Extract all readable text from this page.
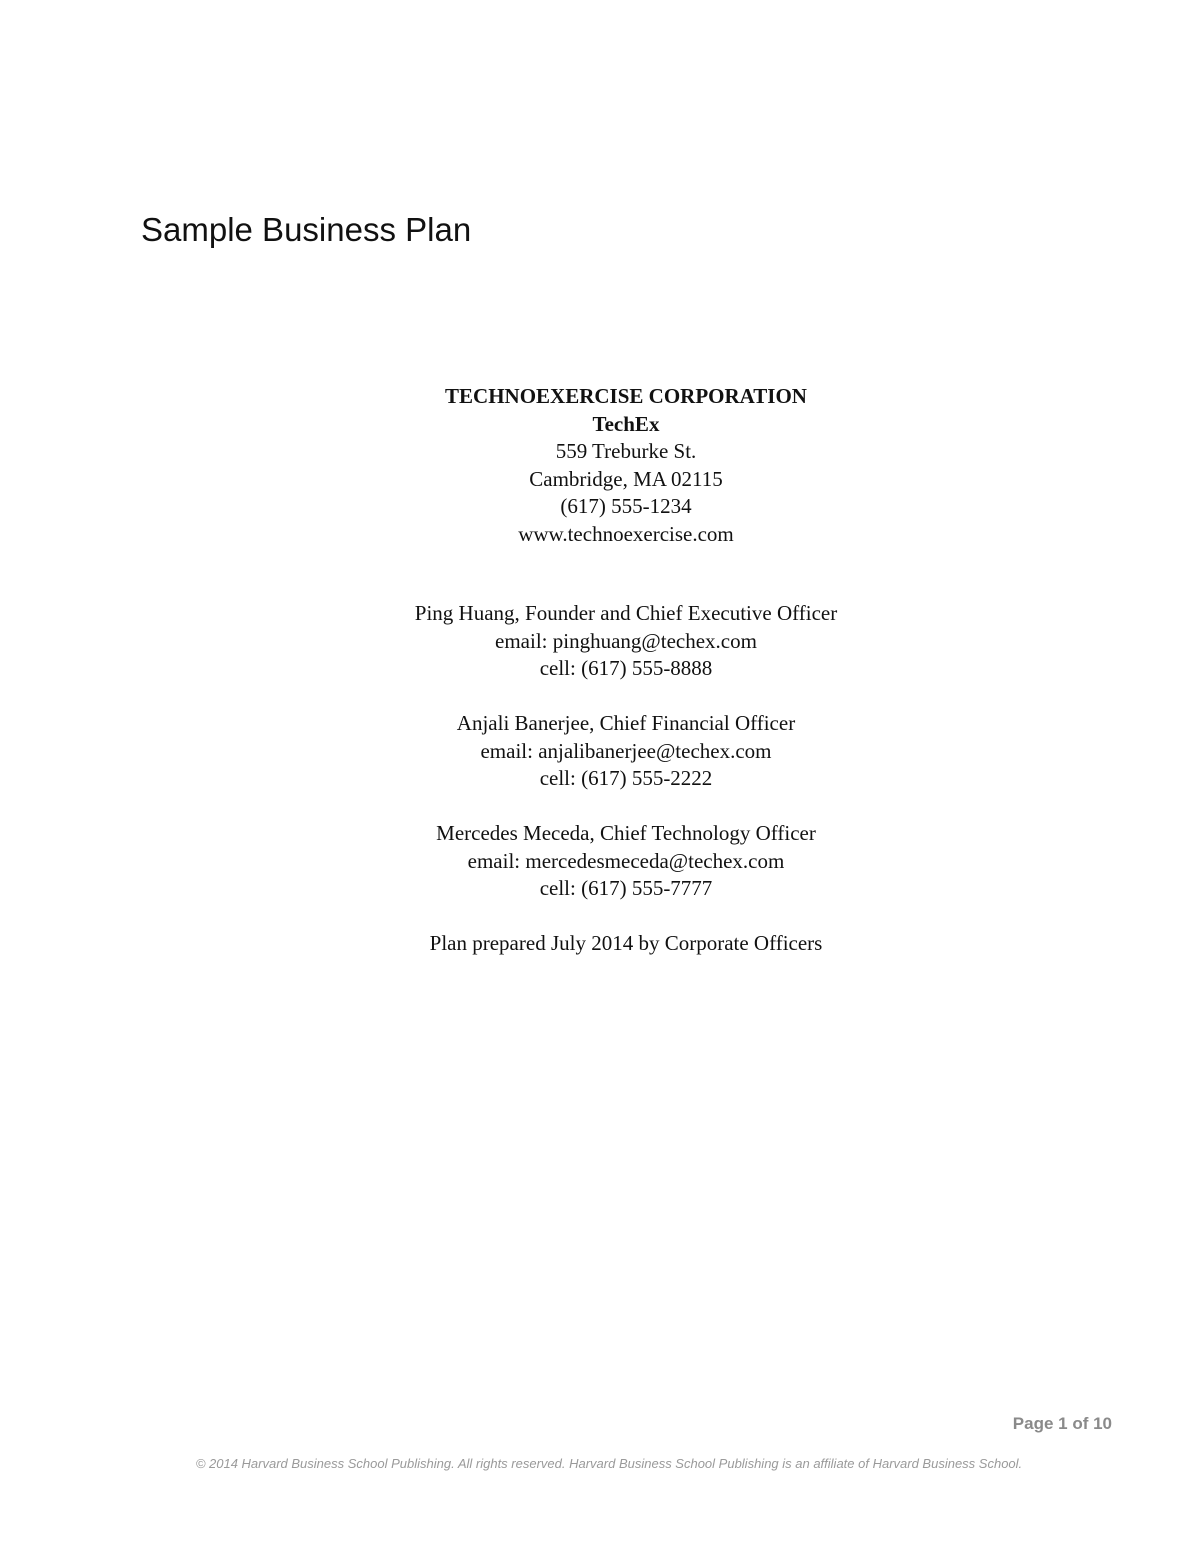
Sample Business Plan
TECHNOEXERCISE CORPORATION
TechEx
559 Treburke St.
Cambridge, MA 02115
(617) 555-1234
www.technoexercise.com
Ping Huang, Founder and Chief Executive Officer
email: pinghuang@techex.com
cell: (617) 555-8888
Anjali Banerjee, Chief Financial Officer
email: anjalibanerjee@techex.com
cell: (617) 555-2222
Mercedes Meceda, Chief Technology Officer
email: mercedesmeceda@techex.com
cell: (617) 555-7777
Plan prepared July 2014 by Corporate Officers
Page 1 of 10
© 2014 Harvard Business School Publishing. All rights reserved. Harvard Business School Publishing is an affiliate of Harvard Business School.
